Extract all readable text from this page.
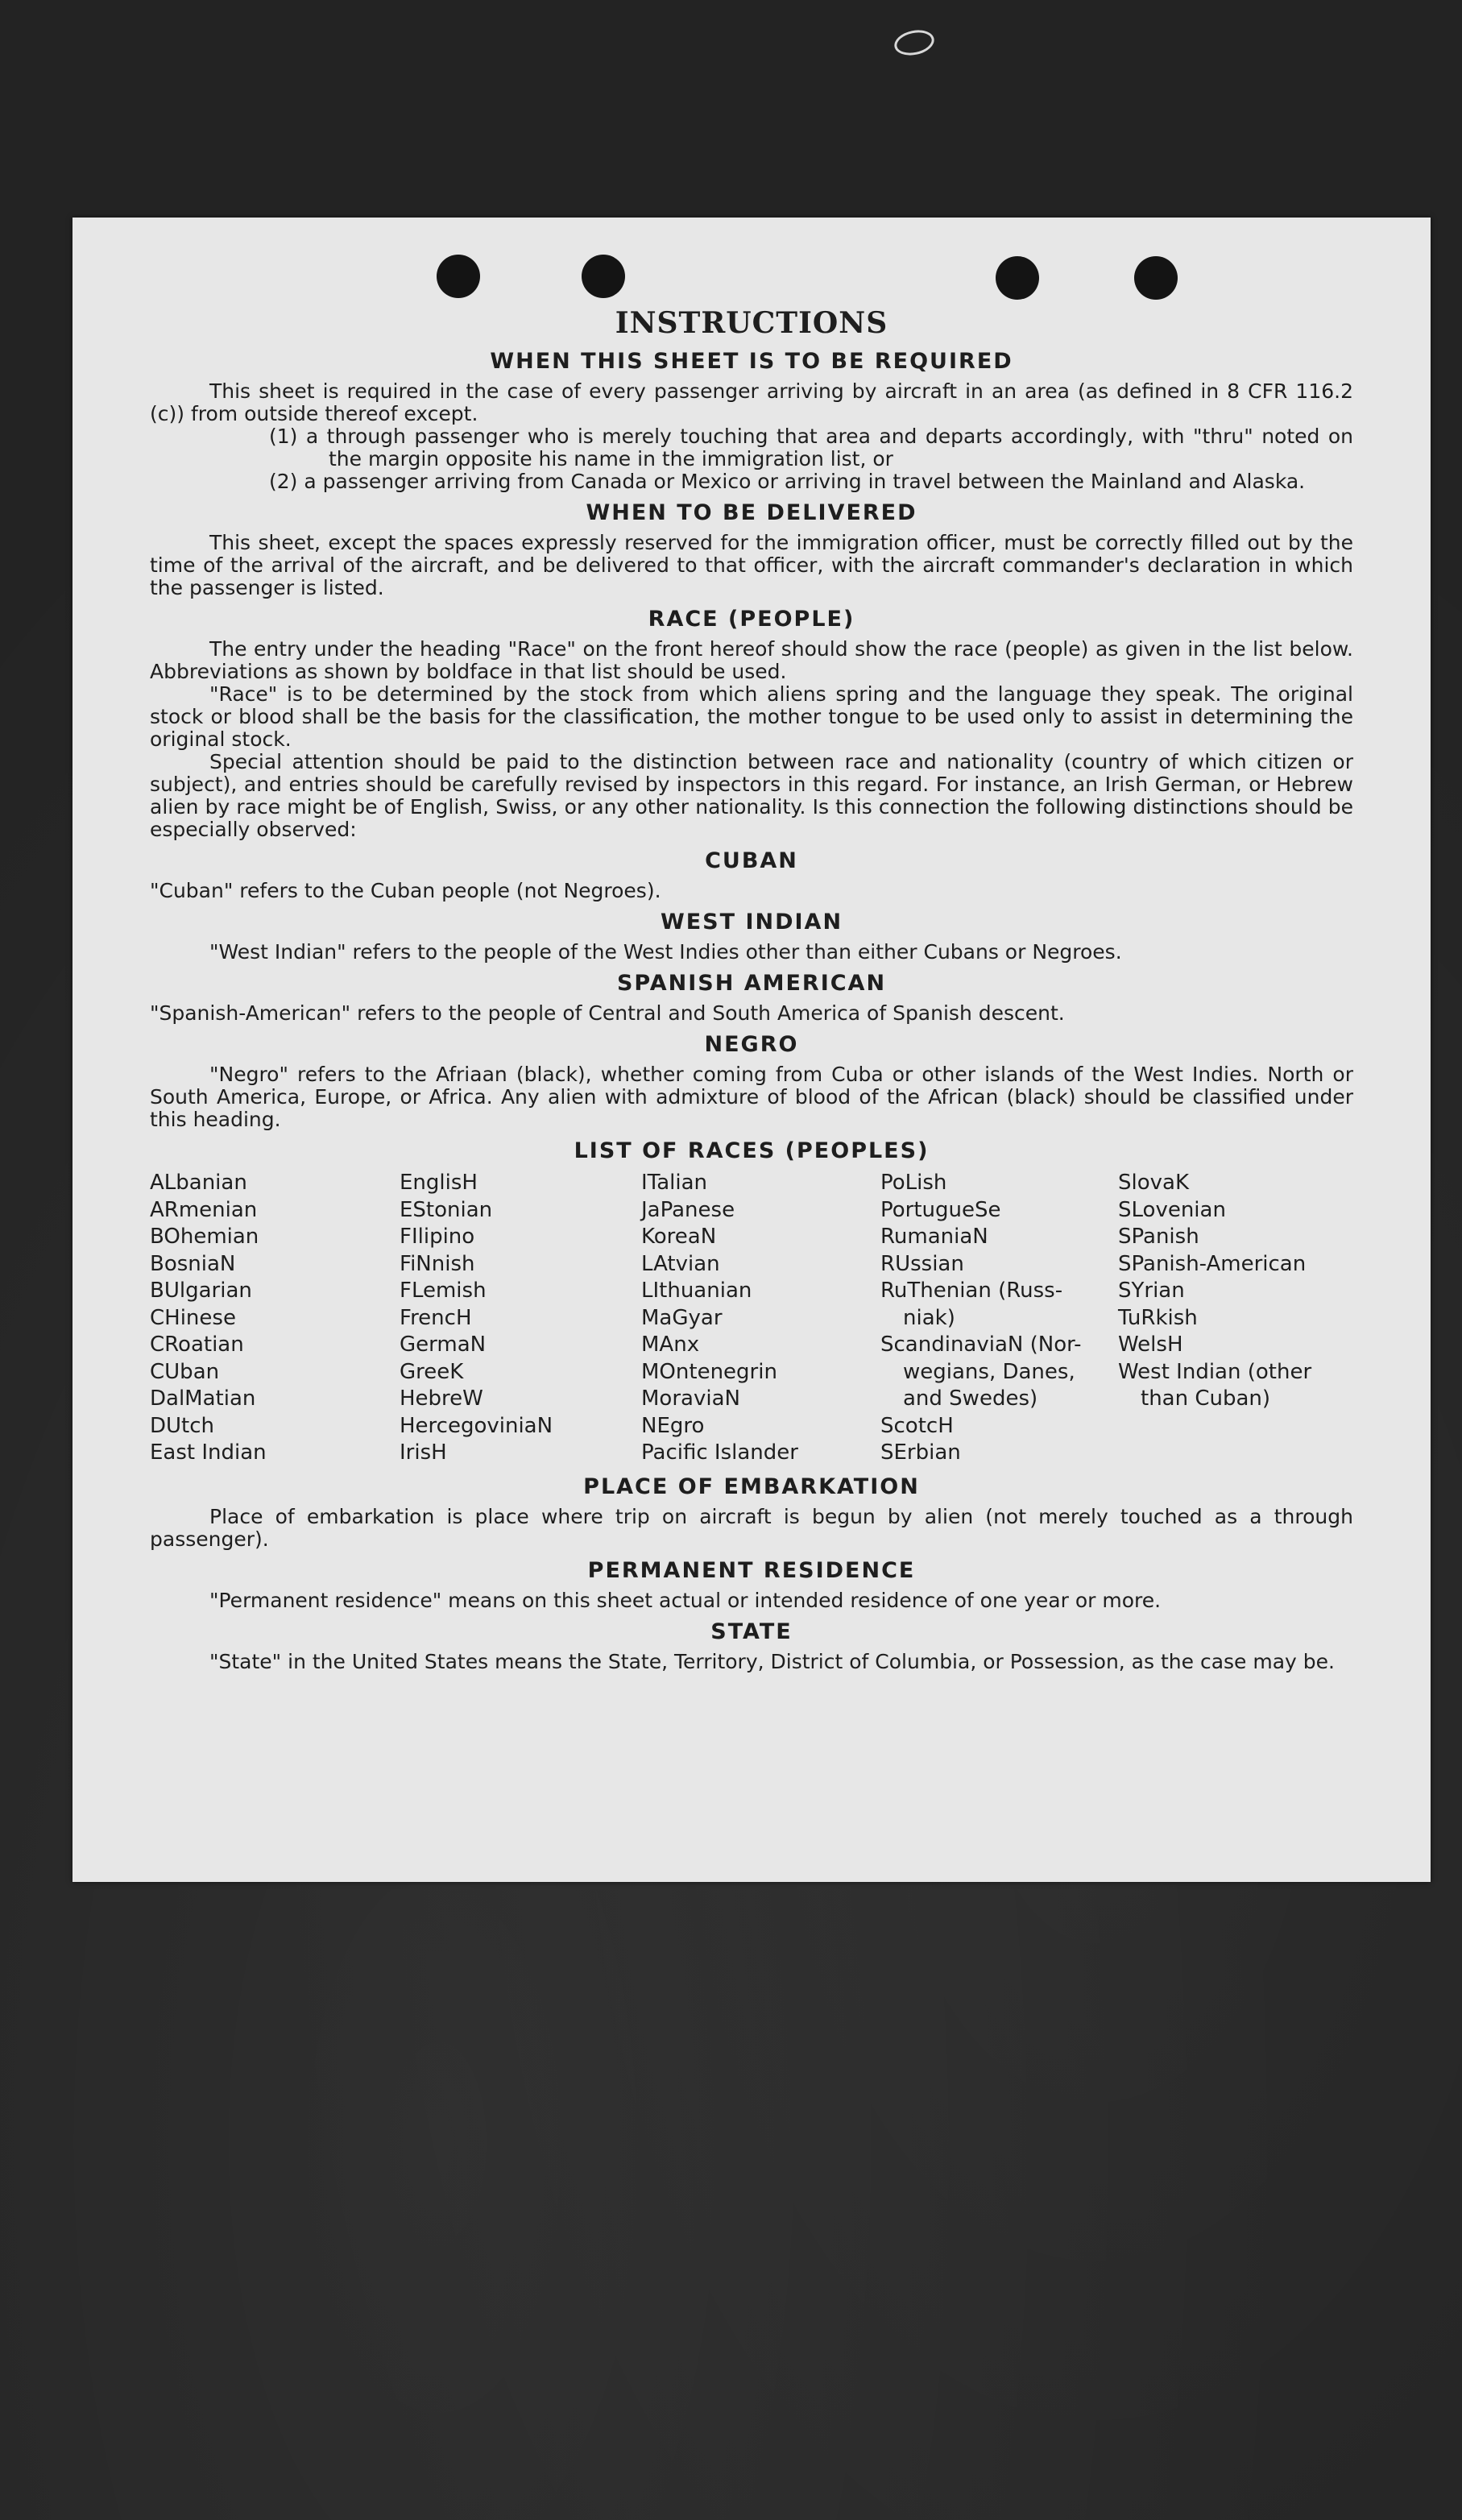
INSTRUCTIONS
WHEN THIS SHEET IS TO BE REQUIRED

This sheet is required in the case of every passenger arriving by aircraft in an area (as defined in 8 CFR 116.2 (c)) from outside thereof except.

(1) a through passenger who is merely touching that area and departs accordingly, with "thru" noted on the margin opposite his name in the immigration list, or

(2) a passenger arriving from Canada or Mexico or arriving in travel between the Mainland and Alaska.

WHEN TO BE DELIVERED

This sheet, except the spaces expressly reserved for the immigration officer, must be correctly filled out by the time of the arrival of the aircraft, and be delivered to that officer, with the aircraft commander's declaration in which the passenger is listed.

RACE (PEOPLE)

The entry under the heading "Race" on the front hereof should show the race (people) as given in the list below. Abbreviations as shown by boldface in that list should be used.

"Race" is to be determined by the stock from which aliens spring and the language they speak. The original stock or blood shall be the basis for the classification, the mother tongue to be used only to assist in determining the original stock.

Special attention should be paid to the distinction between race and nationality (country of which citizen or subject), and entries should be carefully revised by inspectors in this regard. For instance, an Irish German, or Hebrew alien by race might be of English, Swiss, or any other nationality. Is this connection the following distinctions should be especially observed:

CUBAN

"Cuban" refers to the Cuban people (not Negroes).

WEST INDIAN

"West Indian" refers to the people of the West Indies other than either Cubans or Negroes.

SPANISH AMERICAN

"Spanish-American" refers to the people of Central and South America of Spanish descent.

NEGRO

"Negro" refers to the Afriaan (black), whether coming from Cuba or other islands of the West Indies. North or South America, Europe, or Africa. Any alien with admixture of blood of the African (black) should be classified under this heading.

LIST OF RACES (PEOPLES)
ALbanian
ARmenian
BOhemian
BosniaN
BUlgarian
CHinese
CRoatian
CUban
DalMatian
DUtch
East Indian
EnglisH
EStonian
FIlipino
FiNnish
FLemish
FrencH
GermaN
GreeK
HebreW
HercegoviniaN
IrisH
ITalian
JaPanese
KoreaN
LAtvian
LIthuanian
MaGyar
MAnx
MOntenegrin
MoraviaN
NEgro
Pacific Islander
PoLish
PortugueSe
RumaniaN
RUssian
RuThenian (Russ-
niak)
ScandinaviaN (Nor-
wegians, Danes,
and Swedes)
ScotcH
SErbian
SlovaK
SLovenian
SPanish
SPanish-American
SYrian
TuRkish
WelsH
West Indian (other
than Cuban)
PLACE OF EMBARKATION

Place of embarkation is place where trip on aircraft is begun by alien (not merely touched as a through passenger).

PERMANENT RESIDENCE

"Permanent residence" means on this sheet actual or intended residence of one year or more.

STATE

"State" in the United States means the State, Territory, District of Columbia, or Possession, as the case may be.
